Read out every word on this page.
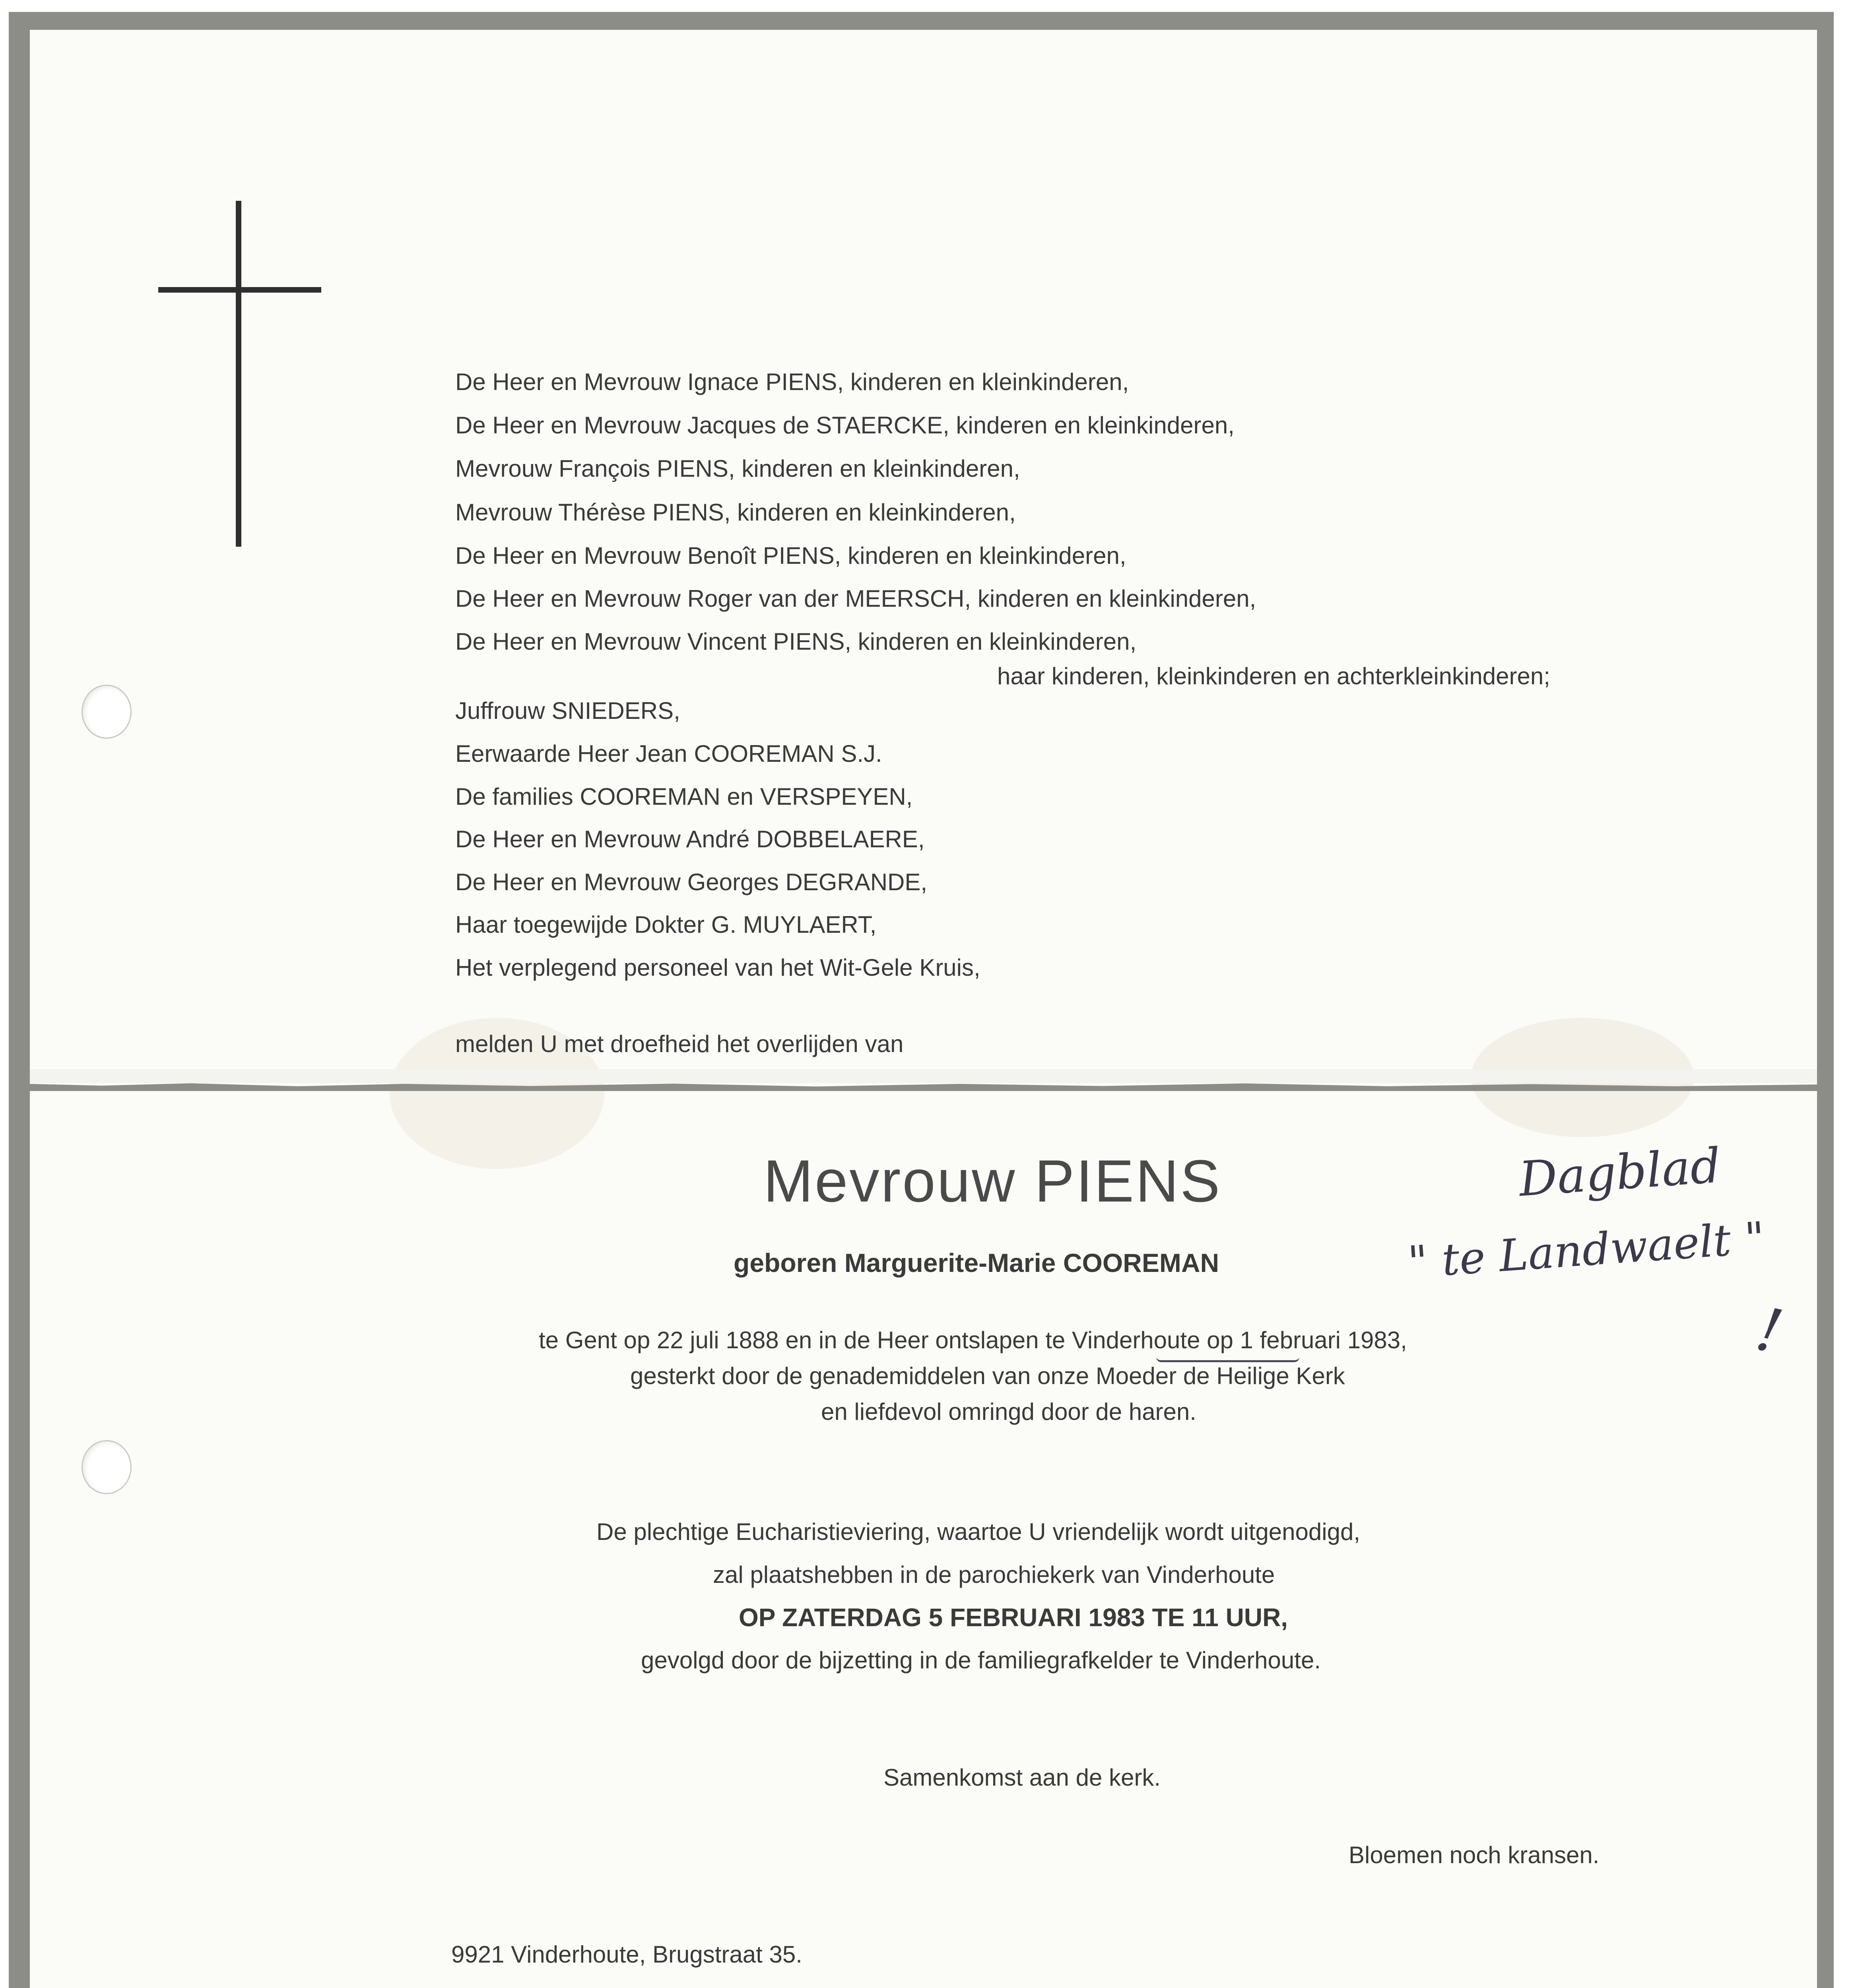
De Heer en Mevrouw Ignace PIENS, kinderen en kleinkinderen,
De Heer en Mevrouw Jacques de STAERCKE, kinderen en kleinkinderen,
Mevrouw François PIENS, kinderen en kleinkinderen,
Mevrouw Thérèse PIENS, kinderen en kleinkinderen,
De Heer en Mevrouw Benoît PIENS, kinderen en kleinkinderen,
De Heer en Mevrouw Roger van der MEERSCH, kinderen en kleinkinderen,
De Heer en Mevrouw Vincent PIENS, kinderen en kleinkinderen,
haar kinderen, kleinkinderen en achterkleinkinderen;
Juffrouw SNIEDERS,
Eerwaarde Heer Jean COOREMAN S.J.
De families COOREMAN en VERSPEYEN,
De Heer en Mevrouw André DOBBELAERE,
De Heer en Mevrouw Georges DEGRANDE,
Haar toegewijde Dokter G. MUYLAERT,
Het verplegend personeel van het Wit-Gele Kruis,
melden U met droefheid het overlijden van
Mevrouw PIENS
geboren Marguerite-Marie COOREMAN
te Gent op 22 juli 1888 en in de Heer ontslapen te Vinderhoute op 1 februari 1983,
gesterkt door de genademiddelen van onze Moeder de Heilige Kerk
en liefdevol omringd door de haren.
De plechtige Eucharistieviering, waartoe U vriendelijk wordt uitgenodigd,
zal plaatshebben in de parochiekerk van Vinderhoute
OP ZATERDAG 5 FEBRUARI 1983 TE 11 UUR,
gevolgd door de bijzetting in de familiegrafkelder te Vinderhoute.
Samenkomst aan de kerk.
Bloemen noch kransen.
9921 Vinderhoute, Brugstraat 35.
Dagblad
" te Landwaelt "
!
